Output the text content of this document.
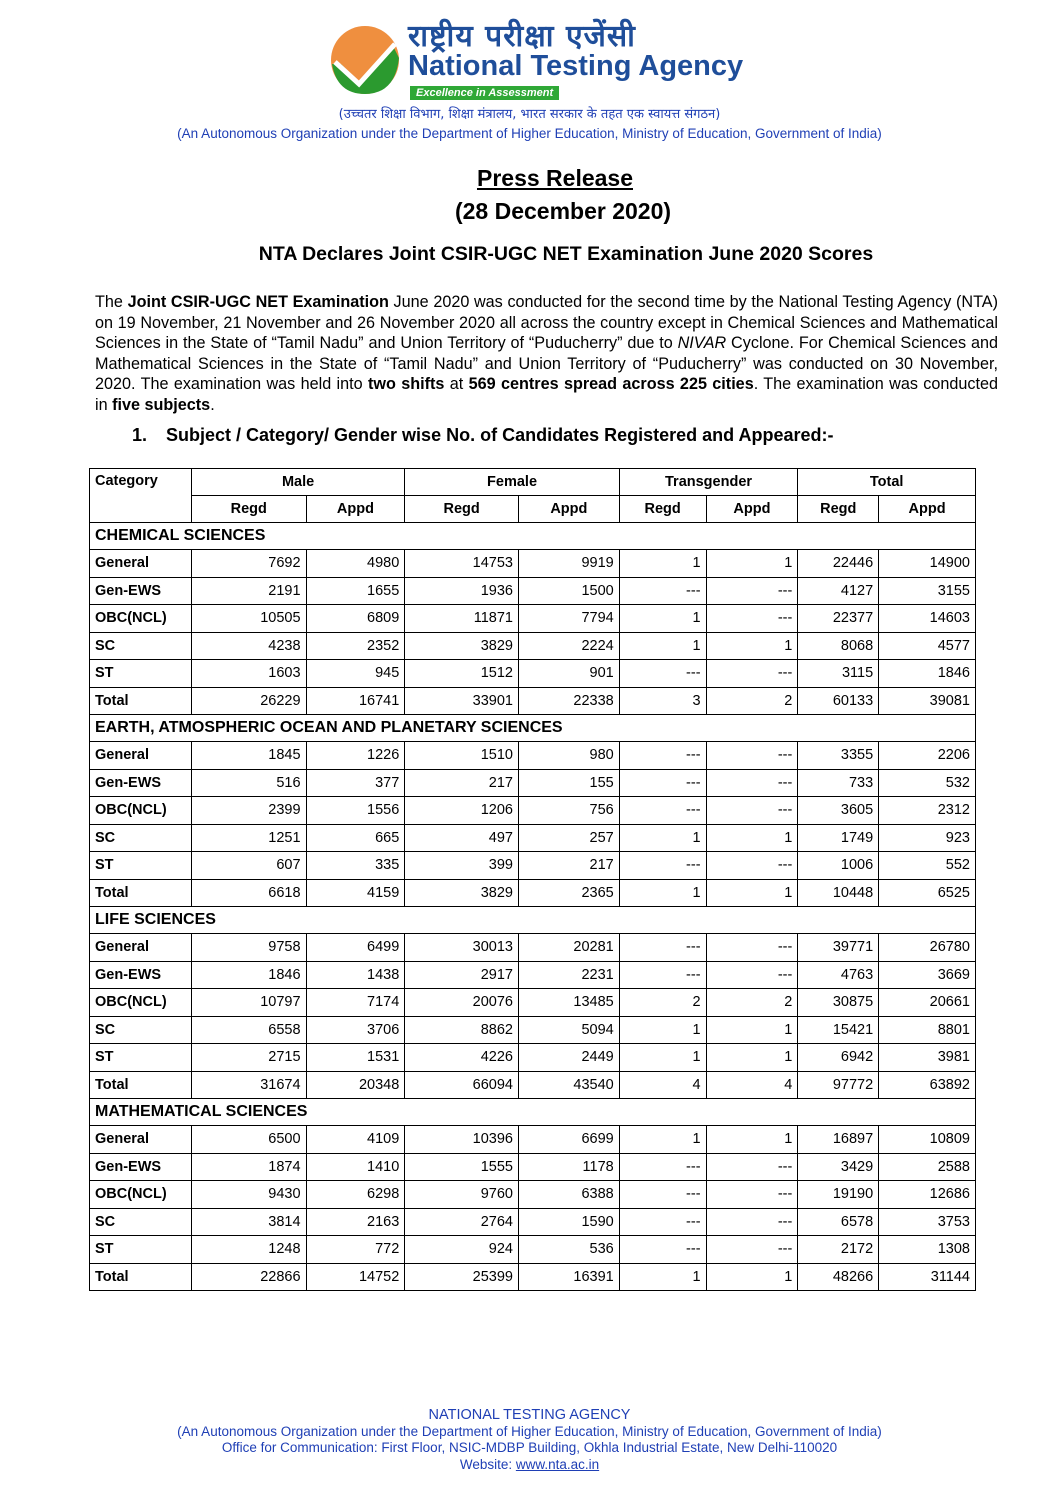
राष्ट्रीय परीक्षा एजेंसी
National Testing Agency
Excellence in Assessment
(उच्चतर शिक्षा विभाग, शिक्षा मंत्रालय, भारत सरकार के तहत एक स्वायत्त संगठन)
(An Autonomous Organization under the Department of Higher Education, Ministry of Education, Government of India)
Press Release
(28 December 2020)
NTA Declares Joint CSIR-UGC NET Examination June 2020 Scores
The Joint CSIR-UGC NET Examination June 2020 was conducted for the second time by the National Testing Agency (NTA) on 19 November, 21 November and 26 November 2020 all across the country except in Chemical Sciences and Mathematical Sciences in the State of “Tamil Nadu” and Union Territory of “Puducherry” due to NIVAR Cyclone. For Chemical Sciences and Mathematical Sciences in the State of “Tamil Nadu” and Union Territory of “Puducherry” was conducted on 30 November, 2020. The examination was held into two shifts at 569 centres spread across 225 cities. The examination was conducted in five subjects.
1. Subject / Category/ Gender wise No. of Candidates Registered and Appeared:-
Category	Male		Female		Transgender		Total	
	Regd	Appd	Regd	Appd	Regd	Appd	Regd	Appd
CHEMICAL SCIENCES								
General	7692	4980	14753	9919	1	1	22446	14900
Gen-EWS	2191	1655	1936	1500	---	---	4127	3155
OBC(NCL)	10505	6809	11871	7794	1	---	22377	14603
SC	4238	2352	3829	2224	1	1	8068	4577
ST	1603	945	1512	901	---	---	3115	1846
Total	26229	16741	33901	22338	3	2	60133	39081
EARTH, ATMOSPHERIC OCEAN AND PLANETARY SCIENCES								
General	1845	1226	1510	980	---	---	3355	2206
Gen-EWS	516	377	217	155	---	---	733	532
OBC(NCL)	2399	1556	1206	756	---	---	3605	2312
SC	1251	665	497	257	1	1	1749	923
ST	607	335	399	217	---	---	1006	552
Total	6618	4159	3829	2365	1	1	10448	6525
LIFE SCIENCES								
General	9758	6499	30013	20281	---	---	39771	26780
Gen-EWS	1846	1438	2917	2231	---	---	4763	3669
OBC(NCL)	10797	7174	20076	13485	2	2	30875	20661
SC	6558	3706	8862	5094	1	1	15421	8801
ST	2715	1531	4226	2449	1	1	6942	3981
Total	31674	20348	66094	43540	4	4	97772	63892
MATHEMATICAL SCIENCES								
General	6500	4109	10396	6699	1	1	16897	10809
Gen-EWS	1874	1410	1555	1178	---	---	3429	2588
OBC(NCL)	9430	6298	9760	6388	---	---	19190	12686
SC	3814	2163	2764	1590	---	---	6578	3753
ST	1248	772	924	536	---	---	2172	1308
Total	22866	14752	25399	16391	1	1	48266	31144
NATIONAL TESTING AGENCY
(An Autonomous Organization under the Department of Higher Education, Ministry of Education, Government of India)
Office for Communication: First Floor, NSIC-MDBP Building, Okhla Industrial Estate, New Delhi-110020
Website: www.nta.ac.in
